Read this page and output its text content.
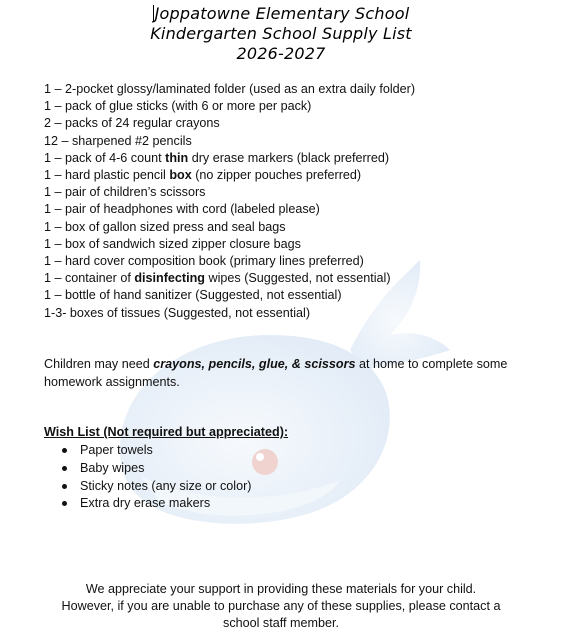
Joppatowne Elementary School
Kindergarten School Supply List
2026-2027
1 – 2-pocket glossy/laminated folder (used as an extra daily folder)
1 – pack of glue sticks (with 6 or more per pack)
2 – packs of 24 regular crayons
12 – sharpened #2 pencils
1 – pack of 4-6 count thin dry erase markers (black preferred)
1 – hard plastic pencil box (no zipper pouches preferred)
1 – pair of children’s scissors
1 – pair of headphones with cord (labeled please)
1 – box of gallon sized press and seal bags
1 – box of sandwich sized zipper closure bags
1 – hard cover composition book (primary lines preferred)
1 – container of disinfecting wipes (Suggested, not essential)
1 – bottle of hand sanitizer (Suggested, not essential)
1-3- boxes of tissues (Suggested, not essential)

Children may need crayons, pencils, glue, & scissors at home to complete some homework assignments.

Wish List (Not required but appreciated):
Paper towels
Baby wipes
Sticky notes (any size or color)
Extra dry erase makers
We appreciate your support in providing these materials for your child.
However, if you are unable to purchase any of these supplies, please contact a
school staff member.
